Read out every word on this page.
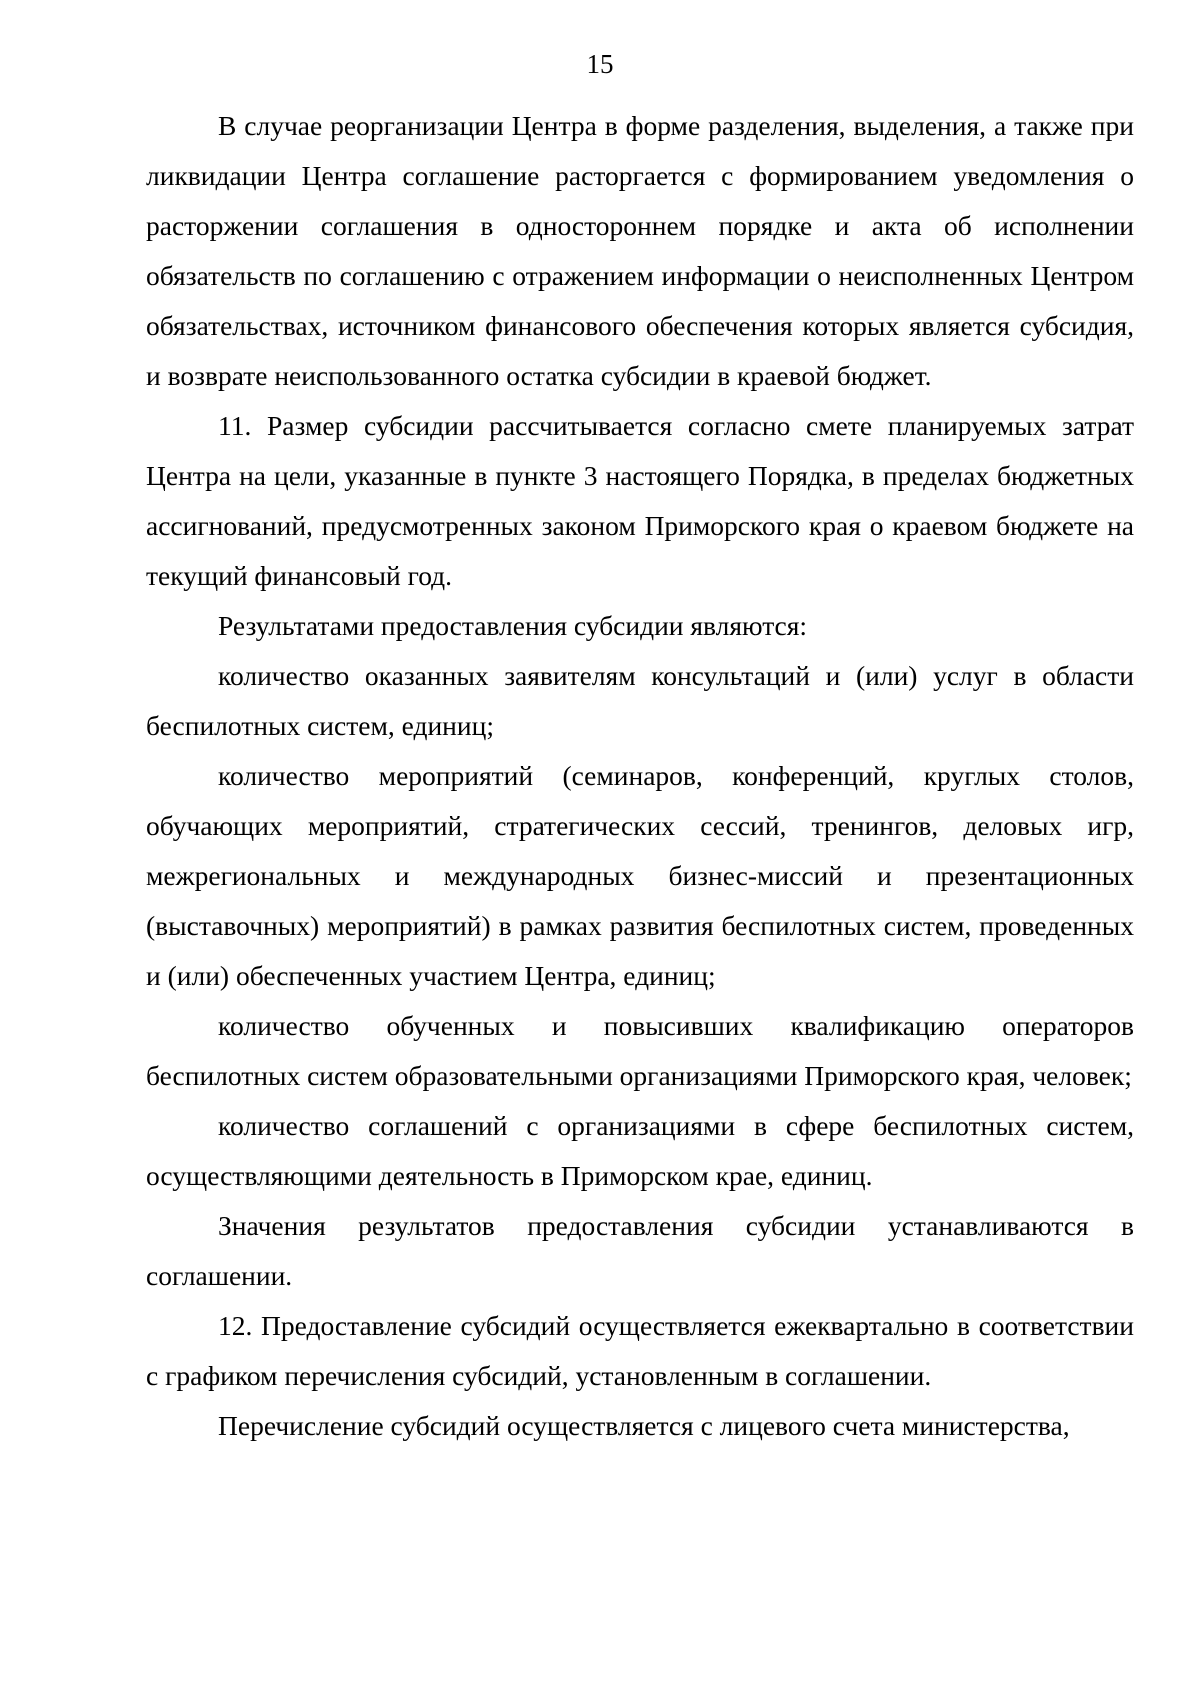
15

В случае реорганизации Центра в форме разделения, выделения, а также при ликвидации Центра соглашение расторгается с формированием уведомления о расторжении соглашения в одностороннем порядке и акта об исполнении обязательств по соглашению с отражением информации о неисполненных Центром обязательствах, источником финансового обеспечения которых является субсидия, и возврате неиспользованного остатка субсидии в краевой бюджет.

11. Размер субсидии рассчитывается согласно смете планируемых затрат Центра на цели, указанные в пункте 3 настоящего Порядка, в пределах бюджетных ассигнований, предусмотренных законом Приморского края о краевом бюджете на текущий финансовый год.

Результатами предоставления субсидии являются:

количество оказанных заявителям консультаций и (или) услуг в области беспилотных систем, единиц;

количество мероприятий (семинаров, конференций, круглых столов, обучающих мероприятий, стратегических сессий, тренингов, деловых игр, межрегиональных и международных бизнес-миссий и презентационных (выставочных) мероприятий) в рамках развития беспилотных систем, проведенных и (или) обеспеченных участием Центра, единиц;

количество обученных и повысивших квалификацию операторов беспилотных систем образовательными организациями Приморского края, человек;

количество соглашений с организациями в сфере беспилотных систем, осуществляющими деятельность в Приморском крае, единиц.

Значения результатов предоставления субсидии устанавливаются в соглашении.

12. Предоставление субсидий осуществляется ежеквартально в соответствии с графиком перечисления субсидий, установленным в соглашении.

Перечисление субсидий осуществляется с лицевого счета министерства,
